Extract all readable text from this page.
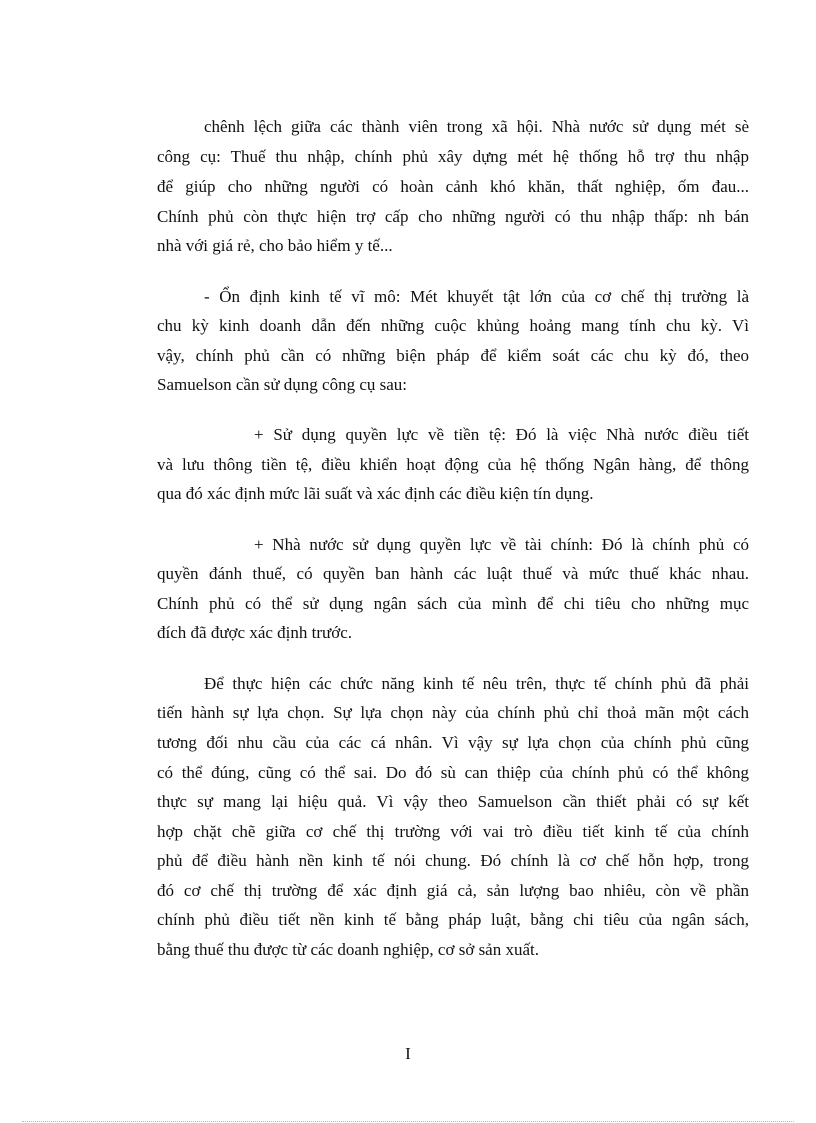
chênh lệch giữa các thành viên trong xã hội. Nhà nước sử dụng mét sè
công cụ: Thuế thu nhập, chính phủ xây dựng mét hệ thống hỗ trợ thu nhập
để giúp cho những người có hoàn cảnh khó khăn, thất nghiệp, ốm đau...
Chính phủ còn thực hiện trợ cấp cho những người có thu nhập thấp: nh bán
nhà với giá rẻ, cho bảo hiểm y tế...
- Ổn định kinh tế vĩ mô: Mét khuyết tật lớn của cơ chế thị trường là
chu kỳ kinh doanh dẫn đến những cuộc khủng hoảng mang tính chu kỳ. Vì
vậy, chính phủ cần có những biện pháp để kiểm soát các chu kỳ đó, theo
Samuelson cần sử dụng công cụ sau:
+ Sử dụng quyền lực về tiền tệ: Đó là việc Nhà nước điều tiết
và lưu thông tiền tệ, điều khiển hoạt động của hệ thống Ngân hàng, để thông
qua đó xác định mức lãi suất và xác định các điều kiện tín dụng.
+ Nhà nước sử dụng quyền lực về tài chính: Đó là chính phủ có
quyền đánh thuế, có quyền ban hành các luật thuế và mức thuế khác nhau.
Chính phủ có thể sử dụng ngân sách của mình để chi tiêu cho những mục
đích đã được xác định trước.
Để thực hiện các chức năng kinh tế nêu trên, thực tế chính phủ đã phải
tiến hành sự lựa chọn. Sự lựa chọn này của chính phủ chỉ thoả mãn một cách
tương đối nhu cầu của các cá nhân. Vì vậy sự lựa chọn của chính phủ cũng
có thể đúng, cũng có thể sai. Do đó sù can thiệp của chính phủ có thể không
thực sự mang lại hiệu quả. Vì vậy theo Samuelson cần thiết phải có sự kết
hợp chặt chẽ giữa cơ chế thị trường với vai trò điều tiết kinh tế của chính
phủ để điều hành nền kinh tế nói chung. Đó chính là cơ chế hỗn hợp, trong
đó cơ chế thị trường để xác định giá cả, sản lượng bao nhiêu, còn về phần
chính phủ điều tiết nền kinh tế bằng pháp luật, bằng chi tiêu của ngân sách,
bằng thuế thu được từ các doanh nghiệp, cơ sở sản xuất.
I
